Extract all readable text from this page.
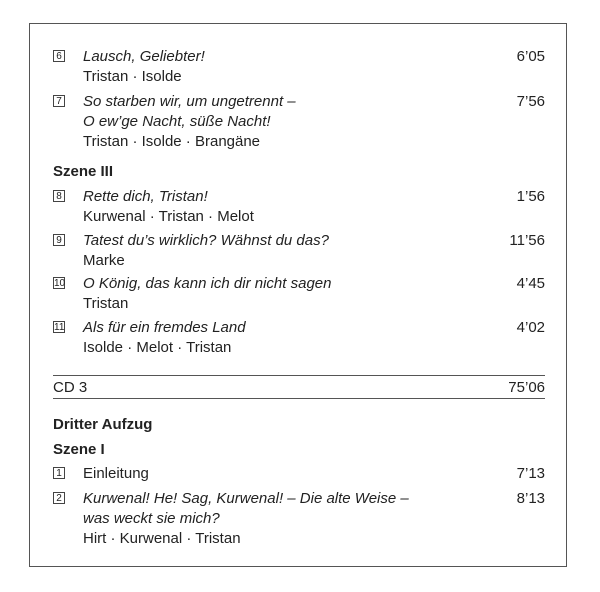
6 Lausch, Geliebter!
Tristan · Isolde
6’05
7 So starben wir, um ungetrennt –
O ew’ge Nacht, süße Nacht!
Tristan · Isolde · Brangäne
7’56
8 Rette dich, Tristan!
Kurwenal · Tristan · Melot
1’56
9 Tatest du’s wirklich? Wähnst du das?
Marke
11’56
10 O König, das kann ich dir nicht sagen
Tristan
4’45
11 Als für ein fremdes Land
Isolde · Melot · Tristan
4’02
1 Einleitung	7’13
2 Kurwenal! He! Sag, Kurwenal! – Die alte Weise –
was weckt sie mich?
Hirt · Kurwenal · Tristan
8’13
Szene III
CD 3	75’06
Dritter Aufzug
Szene I
